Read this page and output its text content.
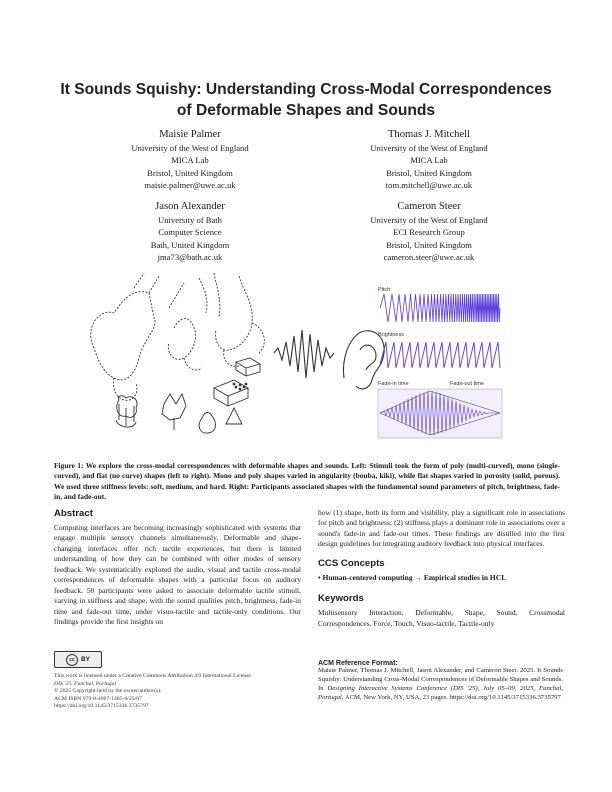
It Sounds Squishy: Understanding Cross-Modal Correspondences
of Deformable Shapes and Sounds
Maisie Palmer
University of the West of England
MICA Lab
Bristol, United Kingdom
maisie.palmer@uwe.ac.uk
Thomas J. Mitchell
University of the West of England
MICA Lab
Bristol, United Kingdom
tom.mitchell@uwe.ac.uk
Jason Alexander
University of Bath
Computer Science
Bath, United Kingdom
jma73@bath.ac.uk
Cameron Steer
University of the West of England
ECI Research Group
Bristol, United Kingdom
cameron.steer@uwe.ac.uk
Pitch
Brightness
Fade-in time	Fade-out time
Figure 1: We explore the cross-modal correspondences with deformable shapes and sounds. Left: Stimuli took the form of poly (multi-curved), mono (single-curved), and flat (no curve) shapes (left to right). Mono and poly shapes varied in angularity (bouba, kiki), while flat shapes varied in porosity (solid, porous). We used three stiffness levels: soft, medium, and hard. Right: Participants associated shapes with the fundamental sound parameters of pitch, brightness, fade-in, and fade-out.
Abstract

Computing interfaces are becoming increasingly sophisticated with systems that engage multiple sensory channels simultaneously. Deformable and shape-changing interfaces offer rich tactile experiences, but there is limited understanding of how they can be combined with other modes of sensory feedback. We systematically explored the audio, visual and tactile cross-modal correspondences of deformable shapes with a particular focus on auditory feedback. 50 participants were asked to associate deformable tactile stimuli, varying in stiffness and shape, with the sound qualities pitch, brightness, fade-in time and fade-out time, under visuo-tactile and tactile-only conditions. Our findings provide the first insights on

cc BY
This work is licensed under a Creative Commons Attribution 4.0 International License.
DIS '25, Funchal, Portugal
© 2025 Copyright held by the owner/author(s).
ACM ISBN 979-8-4007-1485-6/25/07
https://doi.org/10.1145/3715336.3735797

how (1) shape, both its form and visibility, play a significant role in associations for pitch and brightness; (2) stiffness plays a dominant role in associations over a sound's fade-in and fade-out times. These findings are distilled into the first design guidelines for integrating auditory feedback into physical interfaces.

CCS Concepts
• Human-centered computing → Empirical studies in HCI.
Keywords

Multisensory Interaction, Deformable, Shape, Sound, Crossmodal Correspondences, Force, Touch, Visuo-tactile, Tactile-only

ACM Reference Format:
Maisie Palmer, Thomas J. Mitchell, Jason Alexander, and Cameron Steer. 2025. It Sounds Squishy: Understanding Cross-Modal Correspondences of Deformable Shapes and Sounds. In Designing Interactive Systems Conference (DIS '25), July 05–09, 2025, Funchal, Portugal. ACM, New York, NY, USA, 23 pages. https://doi.org/10.1145/3715336.3735797
